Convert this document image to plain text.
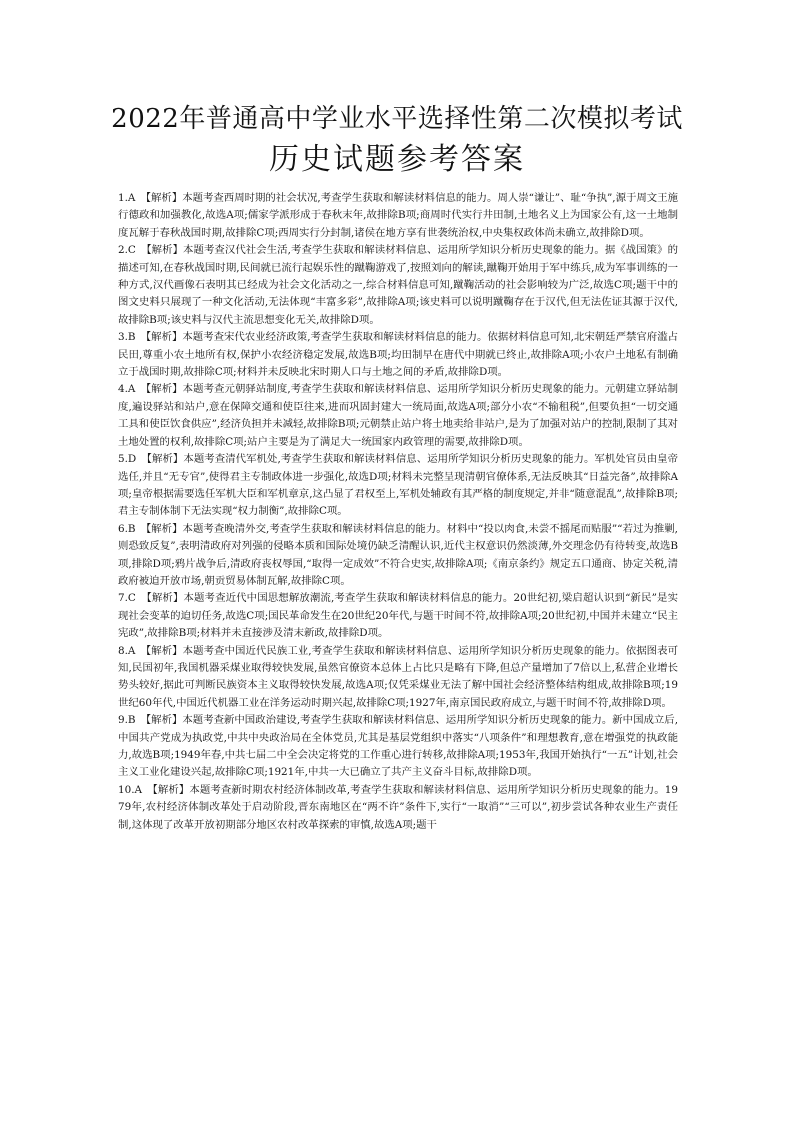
2022年普通高中学业水平选择性第二次模拟考试
历史试题参考答案

1.A　【解析】本题考查西周时期的社会状况,考查学生获取和解读材料信息的能力。周人崇“谦让”、耻“争执”,源于周文王施行德政和加强教化,故选A项;儒家学派形成于春秋末年,故排除B项;商周时代实行井田制,土地名义上为国家公有,这一土地制度瓦解于春秋战国时期,故排除C项;西周实行分封制,诸侯在地方享有世袭统治权,中央集权政体尚未确立,故排除D项。

2.C　【解析】本题考查汉代社会生活,考查学生获取和解读材料信息、运用所学知识分析历史现象的能力。据《战国策》的描述可知,在春秋战国时期,民间就已流行起娱乐性的蹴鞠游戏了,按照刘向的解读,蹴鞠开始用于军中练兵,成为军事训练的一种方式,汉代画像石表明其已经成为社会文化活动之一,综合材料信息可知,蹴鞠活动的社会影响较为广泛,故选C项;题干中的图文史料只展现了一种文化活动,无法体现“丰富多彩”,故排除A项;该史料可以说明蹴鞠存在于汉代,但无法佐证其源于汉代,故排除B项;该史料与汉代主流思想变化无关,故排除D项。

3.B　【解析】本题考查宋代农业经济政策,考查学生获取和解读材料信息的能力。依据材料信息可知,北宋朝廷严禁官府滥占民田,尊重小农土地所有权,保护小农经济稳定发展,故选B项;均田制早在唐代中期就已终止,故排除A项;小农户土地私有制确立于战国时期,故排除C项;材料并未反映北宋时期人口与土地之间的矛盾,故排除D项。

4.A　【解析】本题考查元朝驿站制度,考查学生获取和解读材料信息、运用所学知识分析历史现象的能力。元朝建立驿站制度,遍设驿站和站户,意在保障交通和使臣往来,进而巩固封建大一统局面,故选A项;部分小农“不输租税”,但要负担“一切交通工具和使臣饮食供应”,经济负担并未减轻,故排除B项;元朝禁止站户将土地卖给非站户,是为了加强对站户的控制,限制了其对土地处置的权利,故排除C项;站户主要是为了满足大一统国家内政管理的需要,故排除D项。

5.D　【解析】本题考查清代军机处,考查学生获取和解读材料信息、运用所学知识分析历史现象的能力。军机处官员由皇帝选任,并且“无专官”,使得君主专制政体进一步强化,故选D项;材料未完整呈现清朝官僚体系,无法反映其“日益完备”,故排除A项;皇帝根据需要选任军机大臣和军机章京,这凸显了君权至上,军机处辅政有其严格的制度规定,并非“随意混乱”,故排除B项;君主专制体制下无法实现“权力制衡”,故排除C项。

6.B　【解析】本题考查晚清外交,考查学生获取和解读材料信息的能力。材料中“投以肉食,未尝不摇尾而贴服”“若过为推剿,则恐致反复”,表明清政府对列强的侵略本质和国际处境仍缺乏清醒认识,近代主权意识仍然淡薄,外交理念仍有待转变,故选B项,排除D项;鸦片战争后,清政府丧权辱国,“取得一定成效”不符合史实,故排除A项;《南京条约》规定五口通商、协定关税,清政府被迫开放市场,朝贡贸易体制瓦解,故排除C项。

7.C　【解析】本题考查近代中国思想解放潮流,考查学生获取和解读材料信息的能力。20世纪初,梁启超认识到“新民”是实现社会变革的迫切任务,故选C项;国民革命发生在20世纪20年代,与题干时间不符,故排除A项;20世纪初,中国并未建立“民主宪政”,故排除B项;材料并未直接涉及清末新政,故排除D项。

8.A　【解析】本题考查中国近代民族工业,考查学生获取和解读材料信息、运用所学知识分析历史现象的能力。依据图表可知,民国初年,我国机器采煤业取得较快发展,虽然官僚资本总体上占比只是略有下降,但总产量增加了7倍以上,私营企业增长势头较好,据此可判断民族资本主义取得较快发展,故选A项;仅凭采煤业无法了解中国社会经济整体结构组成,故排除B项;19世纪60年代,中国近代机器工业在洋务运动时期兴起,故排除C项;1927年,南京国民政府成立,与题干时间不符,故排除D项。

9.B　【解析】本题考查新中国政治建设,考查学生获取和解读材料信息、运用所学知识分析历史现象的能力。新中国成立后,中国共产党成为执政党,中共中央政治局在全体党员,尤其是基层党组织中落实“八项条件”和理想教育,意在增强党的执政能力,故选B项;1949年春,中共七届二中全会决定将党的工作重心进行转移,故排除A项;1953年,我国开始执行“一五”计划,社会主义工业化建设兴起,故排除C项;1921年,中共一大已确立了共产主义奋斗目标,故排除D项。

10.A　【解析】本题考查新时期农村经济体制改革,考查学生获取和解读材料信息、运用所学知识分析历史现象的能力。1979年,农村经济体制改革处于启动阶段,晋东南地区在“两不许”条件下,实行“一取消”“三可以”,初步尝试各种农业生产责任制,这体现了改革开放初期部分地区农村改革探索的审慎,故选A项;题干
